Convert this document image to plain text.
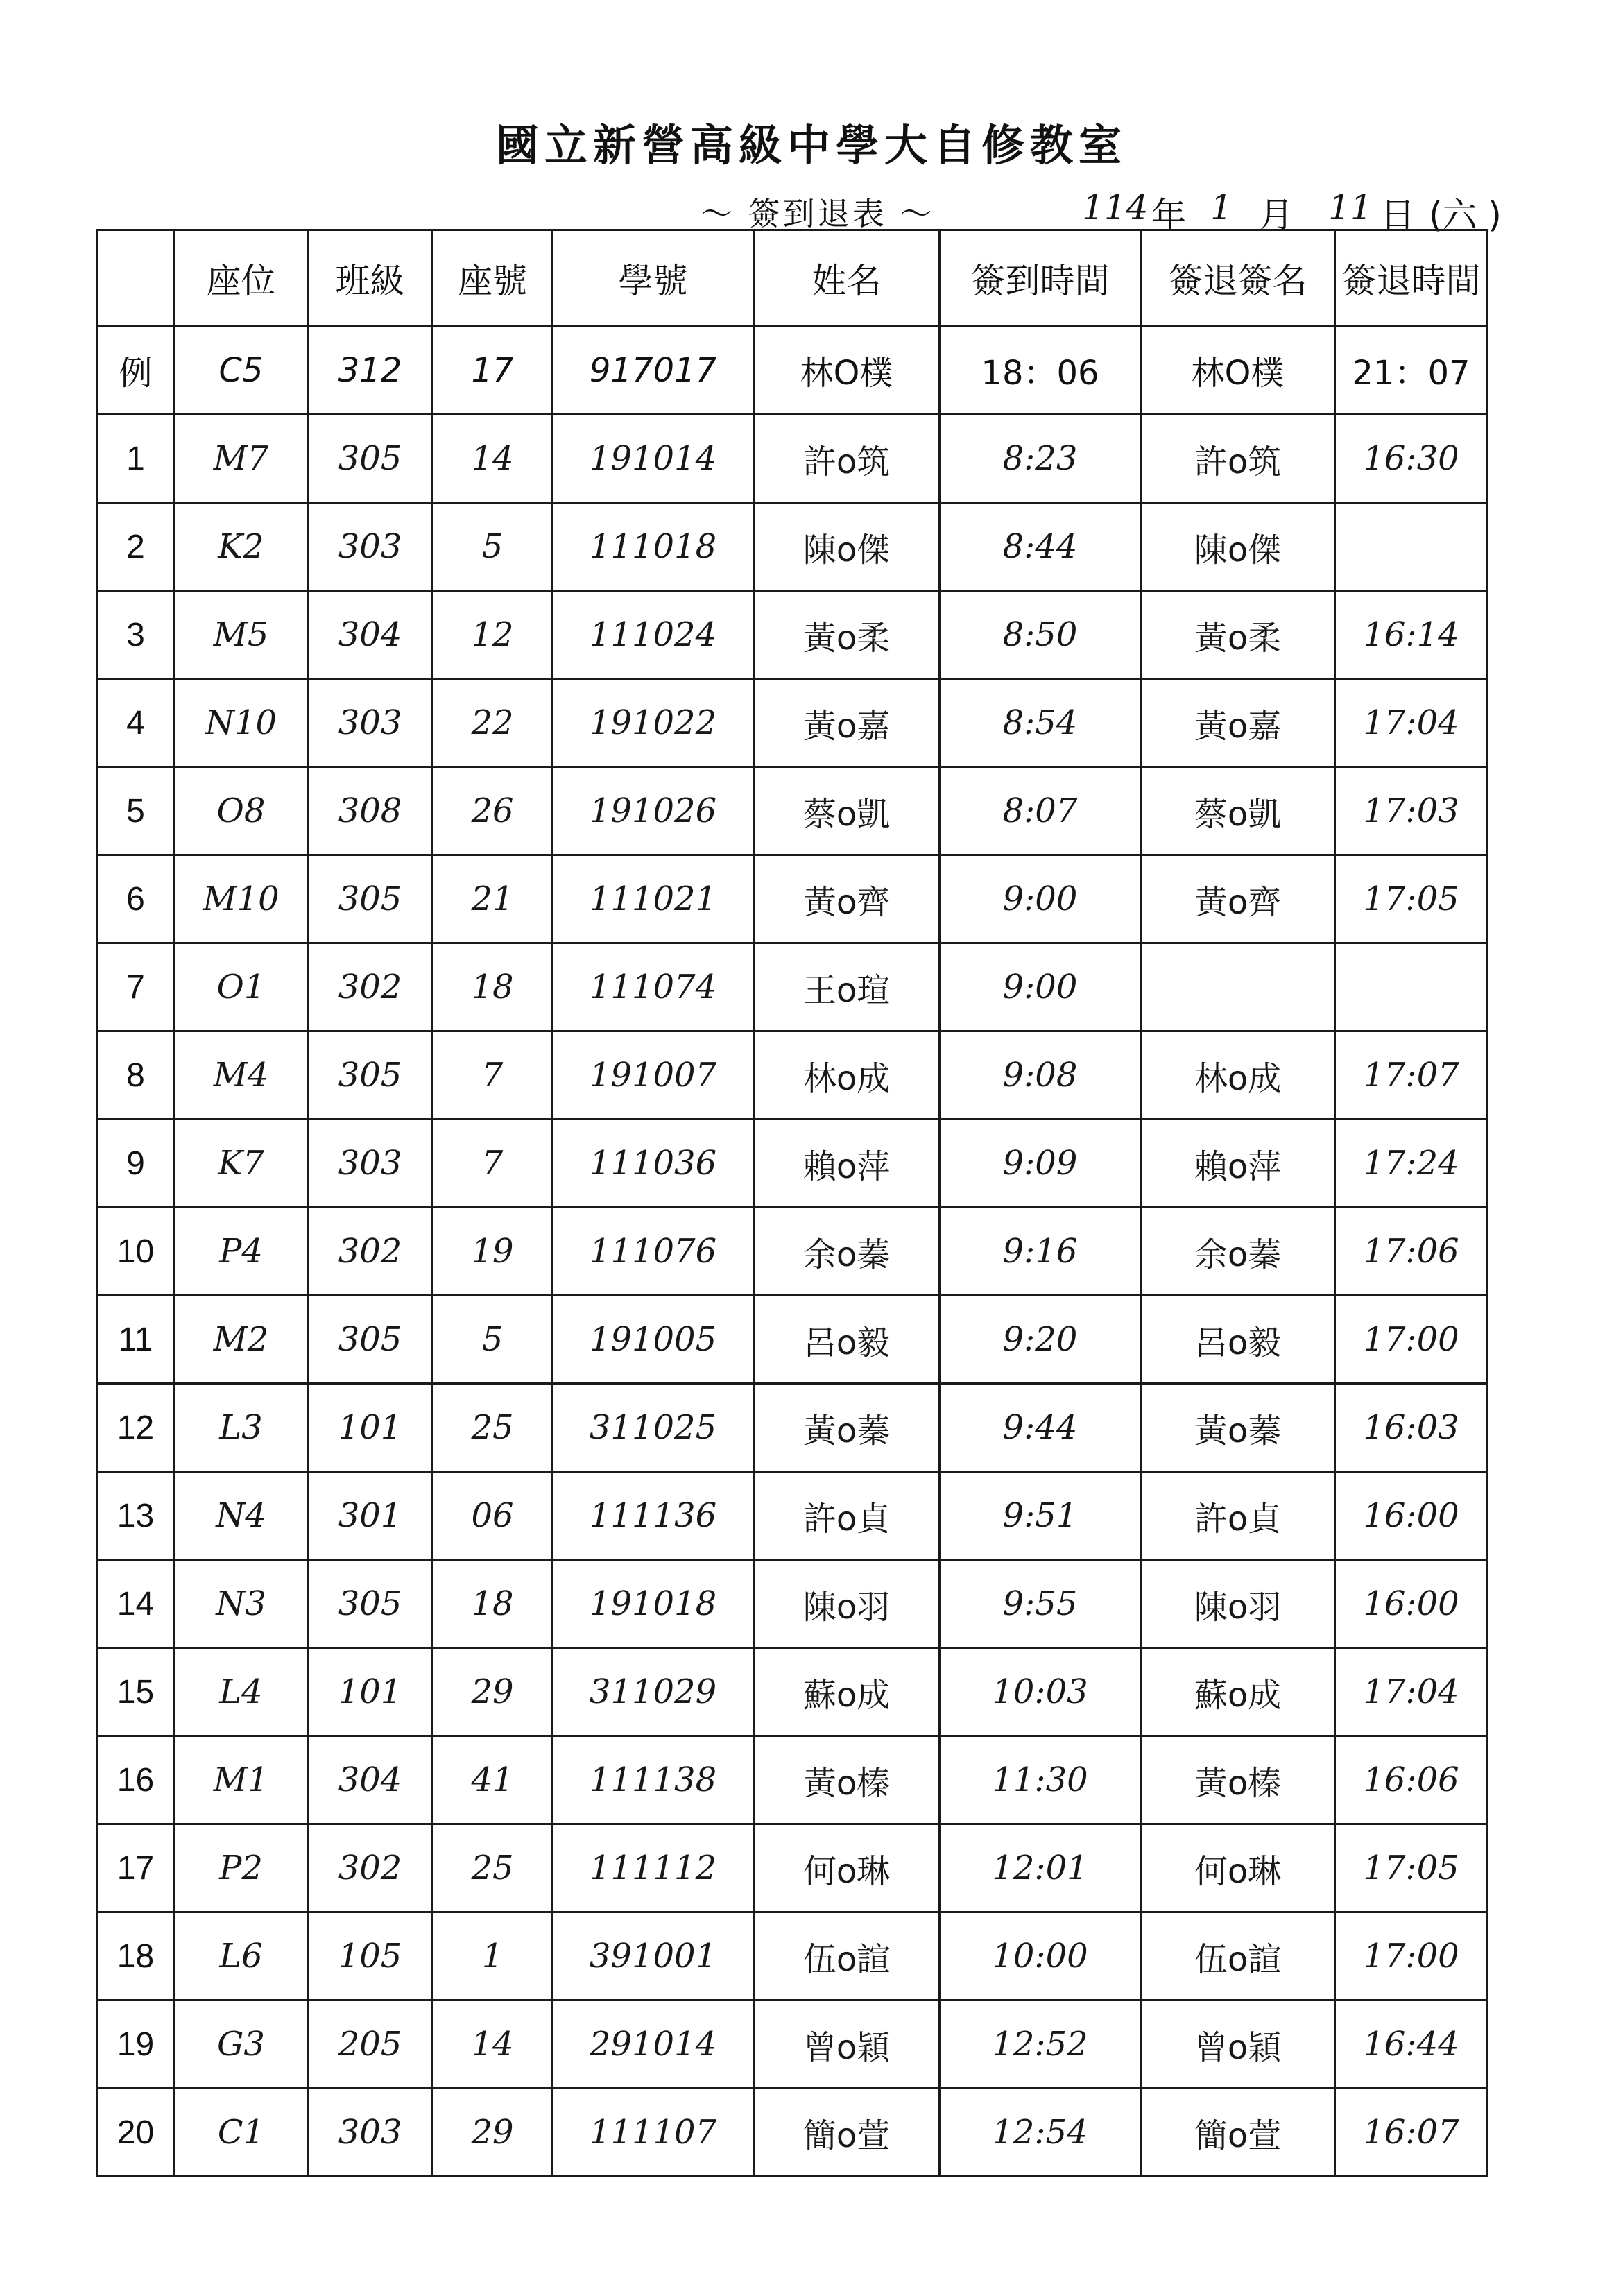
國立新營高級中學大自修教室
～ 簽到退表 ～	114 年 1 月 11 日 (六 )
	座位	班級	座號	學號	姓名	簽到時間	簽退簽名	簽退時間
例	C5	312	17	917017	林O樸	18：06	林O樸	21：07
1	M7	305	14	191014	許o筑	8:23	許o筑	16:30
2	K2	303	5	111018	陳o傑	8:44	陳o傑	
3	M5	304	12	111024	黃o柔	8:50	黃o柔	16:14
4	N10	303	22	191022	黃o嘉	8:54	黃o嘉	17:04
5	O8	308	26	191026	蔡o凱	8:07	蔡o凱	17:03
6	M10	305	21	111021	黃o齊	9:00	黃o齊	17:05
7	O1	302	18	111074	王o瑄	9:00		
8	M4	305	7	191007	林o成	9:08	林o成	17:07
9	K7	303	7	111036	賴o萍	9:09	賴o萍	17:24
10	P4	302	19	111076	余o蓁	9:16	余o蓁	17:06
11	M2	305	5	191005	呂o毅	9:20	呂o毅	17:00
12	L3	101	25	311025	黃o蓁	9:44	黃o蓁	16:03
13	N4	301	06	111136	許o貞	9:51	許o貞	16:00
14	N3	305	18	191018	陳o羽	9:55	陳o羽	16:00
15	L4	101	29	311029	蘇o成	10:03	蘇o成	17:04
16	M1	304	41	111138	黃o榛	11:30	黃o榛	16:06
17	P2	302	25	111112	何o琳	12:01	何o琳	17:05
18	L6	105	1	391001	伍o諠	10:00	伍o諠	17:00
19	G3	205	14	291014	曾o穎	12:52	曾o穎	16:44
20	C1	303	29	111107	簡o萱	12:54	簡o萱	16:07
